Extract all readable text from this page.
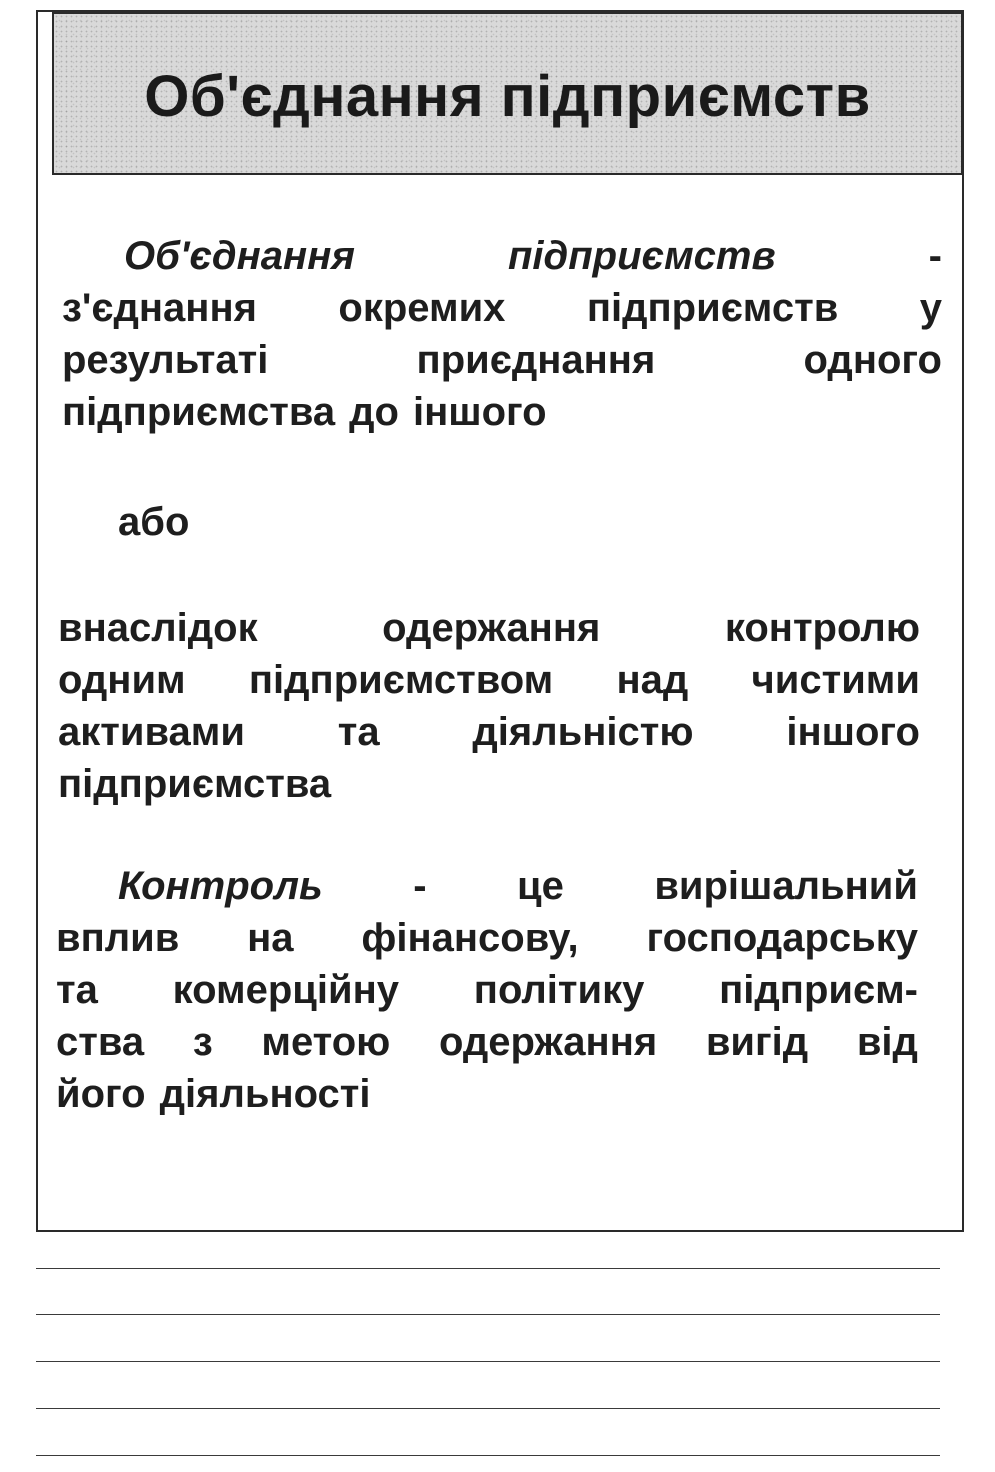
Об'єднання підприємств
Об'єднання	підприємств	-
з'єднання окремих підприємств у
результаті	приєднання	одного
підприємства до іншого
або
внаслідок	одержання	контролю
одним підприємством над чистими
активами та діяльністю іншого
підприємства
Контроль - це вирішальний
вплив на фінансову, господарську
та комерційну політику підприєм-
ства з метою одержання вигід від
його діяльності
